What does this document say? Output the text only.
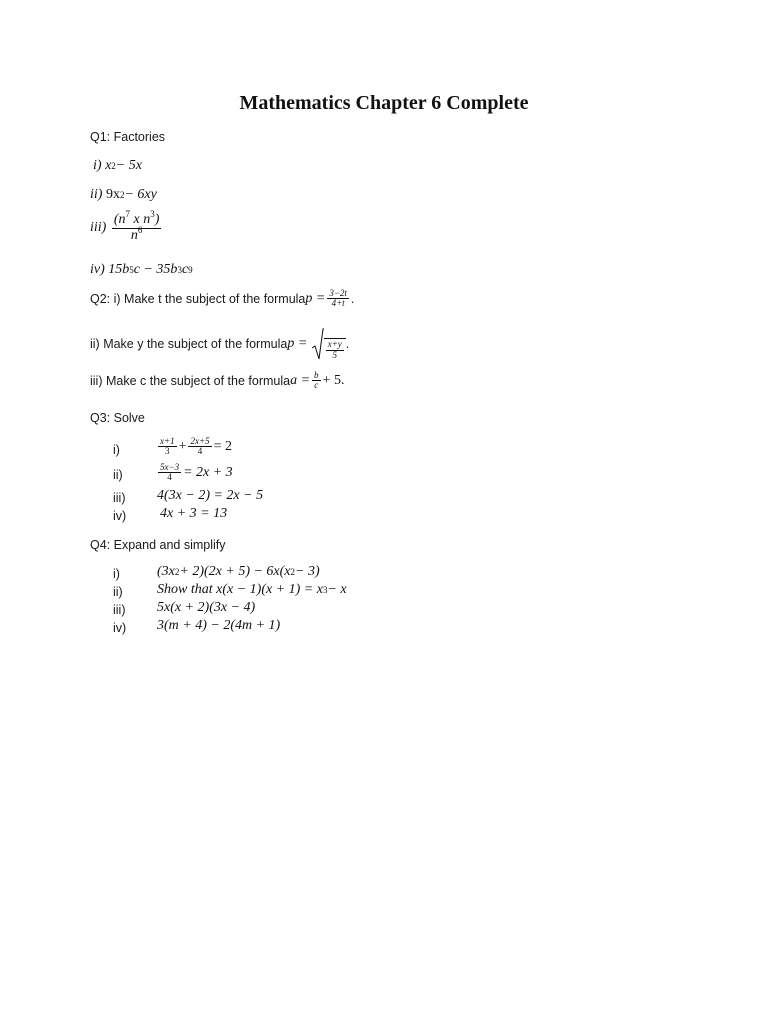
Mathematics Chapter 6 Complete
Q1: Factories
i)
x 2 − 5x
ii)
9x 2 − 6xy
iii)
$\frac{(n^7 x n^3)}{n^6}$
iv)
15b 5 c − 35b 3 c 9
Q2: i) Make t the subject of the formula $p = \frac{3-2t}{4+t}$ .
ii) Make y the subject of the formula p =
$\frac{x+y}{5}$ .
iii) Make c the subject of the formula $a = \frac{b}{c} + 5$.
Q3: Solve
i)	$\frac{x+1}{3} + \frac{2x+5}{4} = 2$
ii)	$\frac{5x-3}{4} = 2x + 3$
iii) 4(3x − 2) = 2x − 5
iv) 4x + 3 = 13
Q4: Expand and simplify
i)	(3x 2 + 2)(2x + 5) − 6x(x 2 − 3)
ii) Show that x(x − 1)(x + 1) = x 3 − x
iii) 5x(x + 2)(3x − 4)
iv) 3(m + 4) − 2(4m + 1)
